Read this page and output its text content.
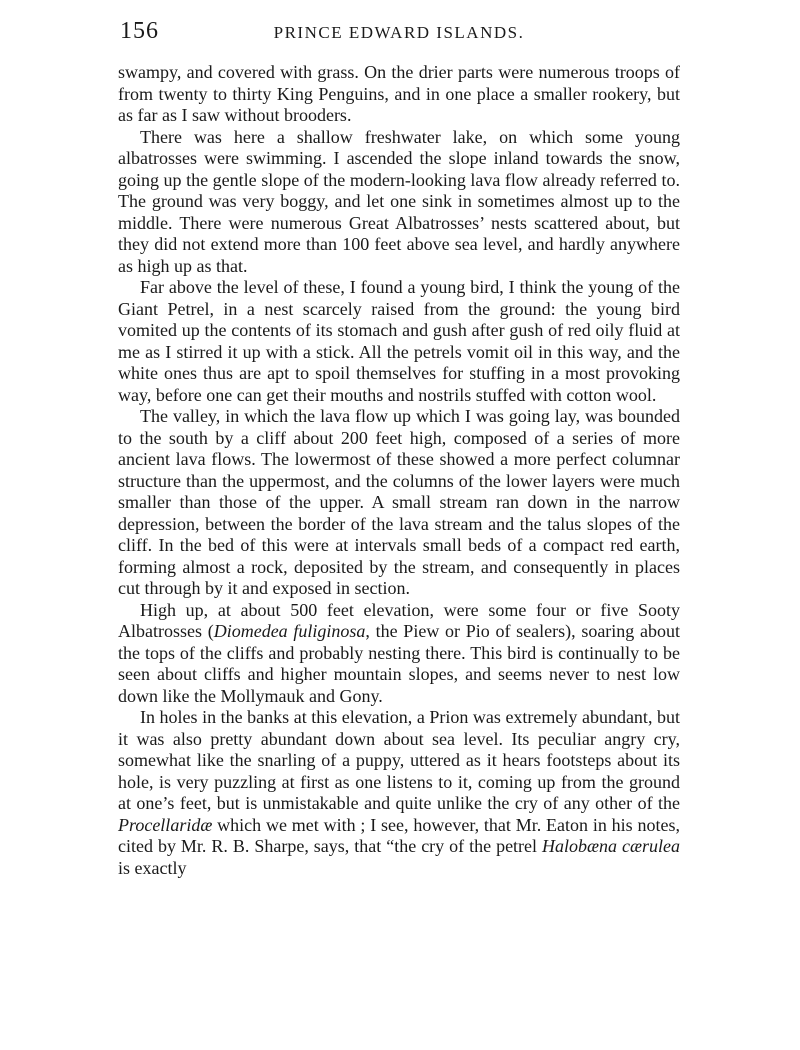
156	PRINCE EDWARD ISLANDS.

swampy, and covered with grass. On the drier parts were numerous troops of from twenty to thirty King Penguins, and in one place a smaller rookery, but as far as I saw without brooders.

There was here a shallow freshwater lake, on which some young albatrosses were swimming. I ascended the slope inland towards the snow, going up the gentle slope of the modern-looking lava flow already referred to. The ground was very boggy, and let one sink in sometimes almost up to the middle. There were numerous Great Albatrosses’ nests scattered about, but they did not extend more than 100 feet above sea level, and hardly anywhere as high up as that.

Far above the level of these, I found a young bird, I think the young of the Giant Petrel, in a nest scarcely raised from the ground: the young bird vomited up the contents of its stomach and gush after gush of red oily fluid at me as I stirred it up with a stick. All the petrels vomit oil in this way, and the white ones thus are apt to spoil themselves for stuffing in a most provoking way, before one can get their mouths and nostrils stuffed with cotton wool.

The valley, in which the lava flow up which I was going lay, was bounded to the south by a cliff about 200 feet high, composed of a series of more ancient lava flows. The lowermost of these showed a more perfect columnar structure than the uppermost, and the columns of the lower layers were much smaller than those of the upper. A small stream ran down in the narrow depression, between the border of the lava stream and the talus slopes of the cliff. In the bed of this were at intervals small beds of a compact red earth, forming almost a rock, deposited by the stream, and consequently in places cut through by it and exposed in section.

High up, at about 500 feet elevation, were some four or five Sooty Albatrosses (Diomedea fuliginosa, the Piew or Pio of sealers), soaring about the tops of the cliffs and probably nesting there. This bird is continually to be seen about cliffs and higher mountain slopes, and seems never to nest low down like the Mollymauk and Gony.

In holes in the banks at this elevation, a Prion was extremely abundant, but it was also pretty abundant down about sea level. Its peculiar angry cry, somewhat like the snarling of a puppy, uttered as it hears footsteps about its hole, is very puzzling at first as one listens to it, coming up from the ground at one’s feet, but is unmistakable and quite unlike the cry of any other of the Procellaridæ which we met with ; I see, however, that Mr. Eaton in his notes, cited by Mr. R. B. Sharpe, says, that “the cry of the petrel Halobæna cærulea is exactly
